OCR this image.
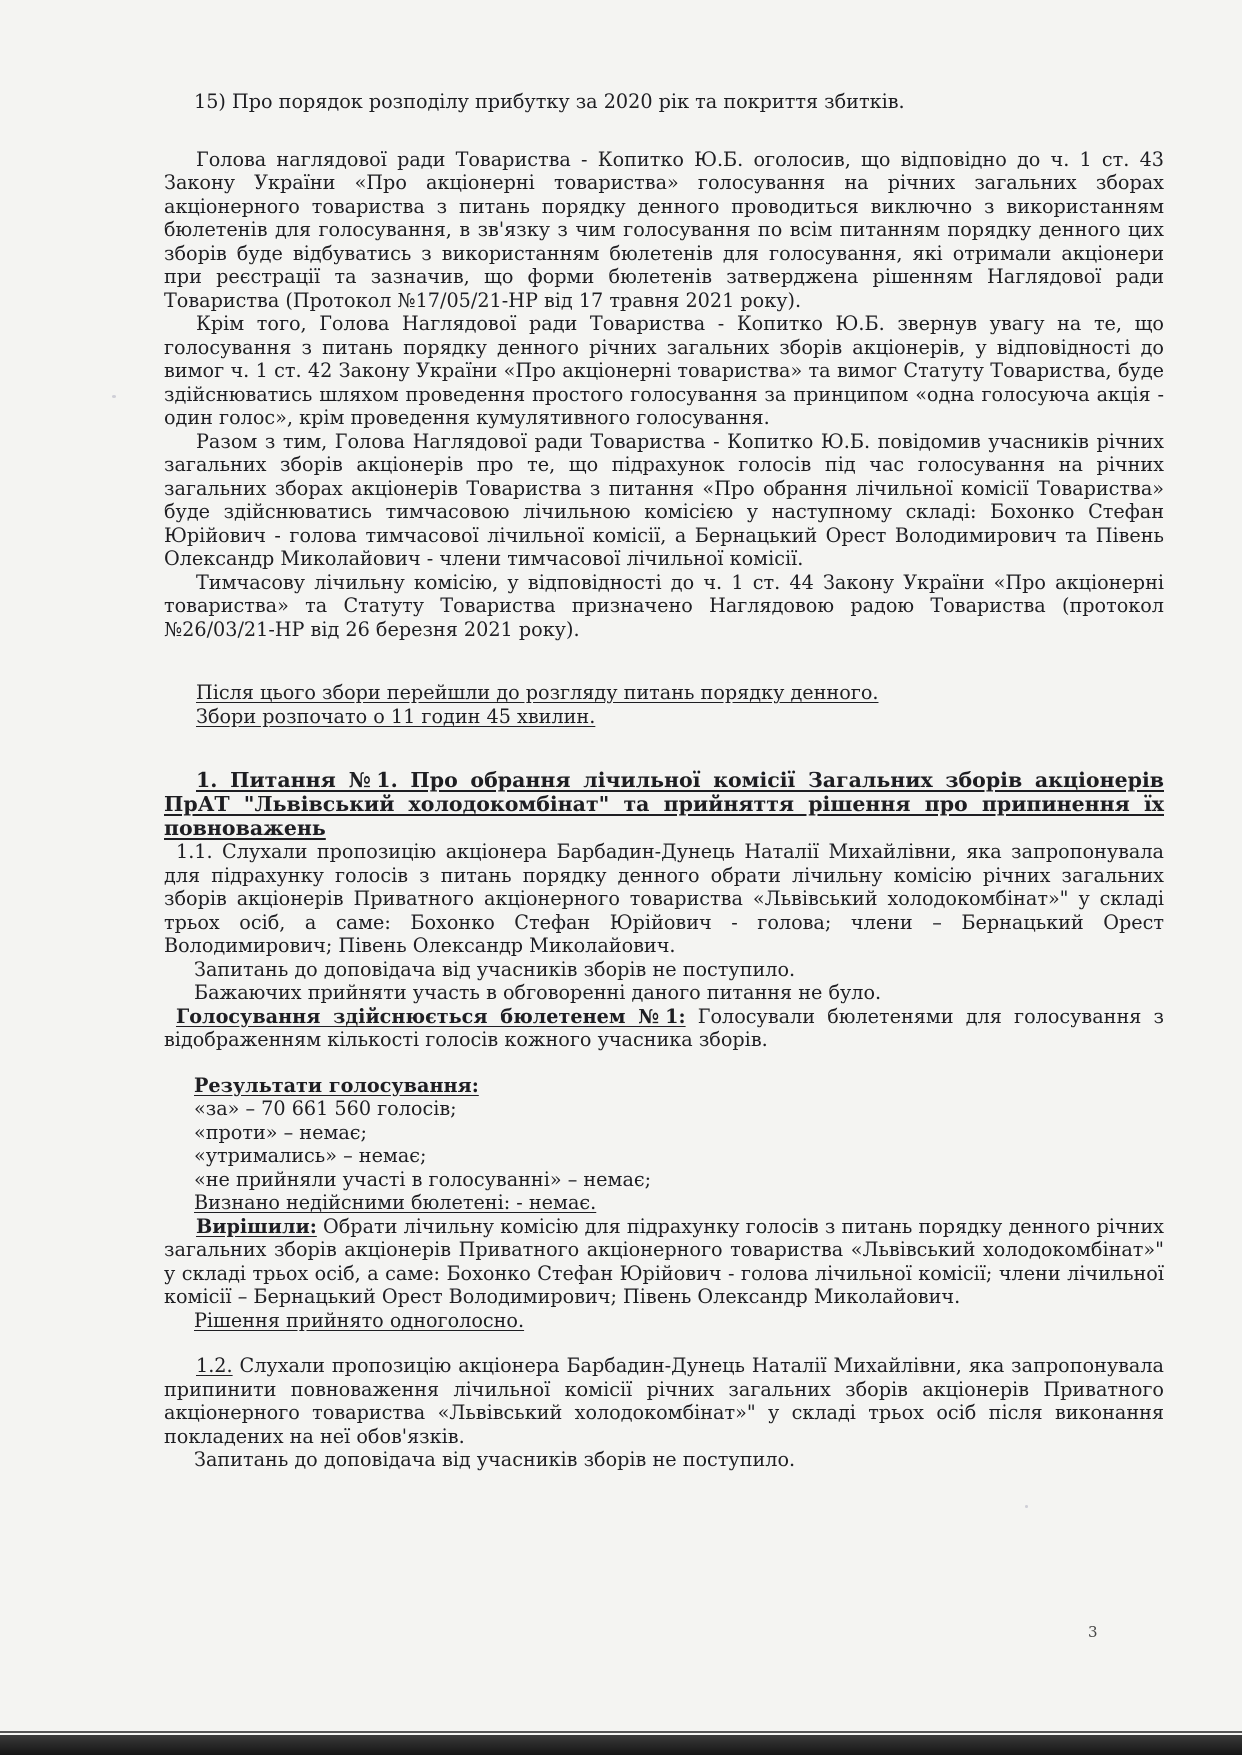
15) Про порядок розподілу прибутку за 2020 рік та покриття збитків.

Голова наглядової ради Товариства - Копитко Ю.Б. оголосив, що відповідно до ч. 1 ст. 43 Закону України «Про акціонерні товариства» голосування на річних загальних зборах акціонерного товариства з питань порядку денного проводиться виключно з використанням бюлетенів для голосування, в зв'язку з чим голосування по всім питанням порядку денного цих зборів буде відбуватись з використанням бюлетенів для голосування, які отримали акціонери при реєстрації та зазначив, що форми бюлетенів затверджена рішенням Наглядової ради Товариства (Протокол №17/05/21-НР від 17 травня 2021 року).

Крім того, Голова Наглядової ради Товариства - Копитко Ю.Б. звернув увагу на те, що голосування з питань порядку денного річних загальних зборів акціонерів, у відповідності до вимог ч. 1 ст. 42 Закону України «Про акціонерні товариства» та вимог Статуту Товариства, буде здійснюватись шляхом проведення простого голосування за принципом «одна голосуюча акція - один голос», крім проведення кумулятивного голосування.

Разом з тим, Голова Наглядової ради Товариства - Копитко Ю.Б. повідомив учасників річних загальних зборів акціонерів про те, що підрахунок голосів під час голосування на річних загальних зборах акціонерів Товариства з питання «Про обрання лічильної комісії Товариства» буде здійснюватись тимчасовою лічильною комісією у наступному складі: Бохонко Стефан Юрійович - голова тимчасової лічильної комісії, а Бернацький Орест Володимирович та Півень Олександр Миколайович - члени тимчасової лічильної комісії.

Тимчасову лічильну комісію, у відповідності до ч. 1 ст. 44 Закону України «Про акціонерні товариства» та Статуту Товариства призначено Наглядовою радою Товариства (протокол №26/03/21-НР від 26 березня 2021 року).

Після цього збори перейшли до розгляду питань порядку денного.

Збори розпочато о 11 годин 45 хвилин.

1. Питання №1. Про обрання лічильної комісії Загальних зборів акціонерів ПрАТ "Львівський холодокомбінат" та прийняття рішення про припинення їх повноважень

1.1. Слухали пропозицію акціонера Барбадин-Дунець Наталії Михайлівни, яка запропонувала для підрахунку голосів з питань порядку денного обрати лічильну комісію річних загальних зборів акціонерів Приватного акціонерного товариства «Львівський холодокомбінат»" у складі трьох осіб, а саме: Бохонко Стефан Юрійович - голова; члени – Бернацький Орест Володимирович; Півень Олександр Миколайович.

Запитань до доповідача від учасників зборів не поступило.

Бажаючих прийняти участь в обговоренні даного питання не було.

Голосування здійснюється бюлетенем №1: Голосували бюлетенями для голосування з відображенням кількості голосів кожного учасника зборів.

Результати голосування:

«за» – 70 661 560 голосів;

«проти» – немає;

«утримались» – немає;

«не прийняли участі в голосуванні» – немає;

Визнано недійсними бюлетені: - немає.

Вирішили: Обрати лічильну комісію для підрахунку голосів з питань порядку денного річних загальних зборів акціонерів Приватного акціонерного товариства «Львівський холодокомбінат»" у складі трьох осіб, а саме: Бохонко Стефан Юрійович - голова лічильної комісії; члени лічильної комісії – Бернацький Орест Володимирович; Півень Олександр Миколайович.

Рішення прийнято одноголосно.

1.2. Слухали пропозицію акціонера Барбадин-Дунець Наталії Михайлівни, яка запропонувала припинити повноваження лічильної комісії річних загальних зборів акціонерів Приватного акціонерного товариства «Львівський холодокомбінат»" у складі трьох осіб після виконання покладених на неї обов'язків.

Запитань до доповідача від учасників зборів не поступило.

3
